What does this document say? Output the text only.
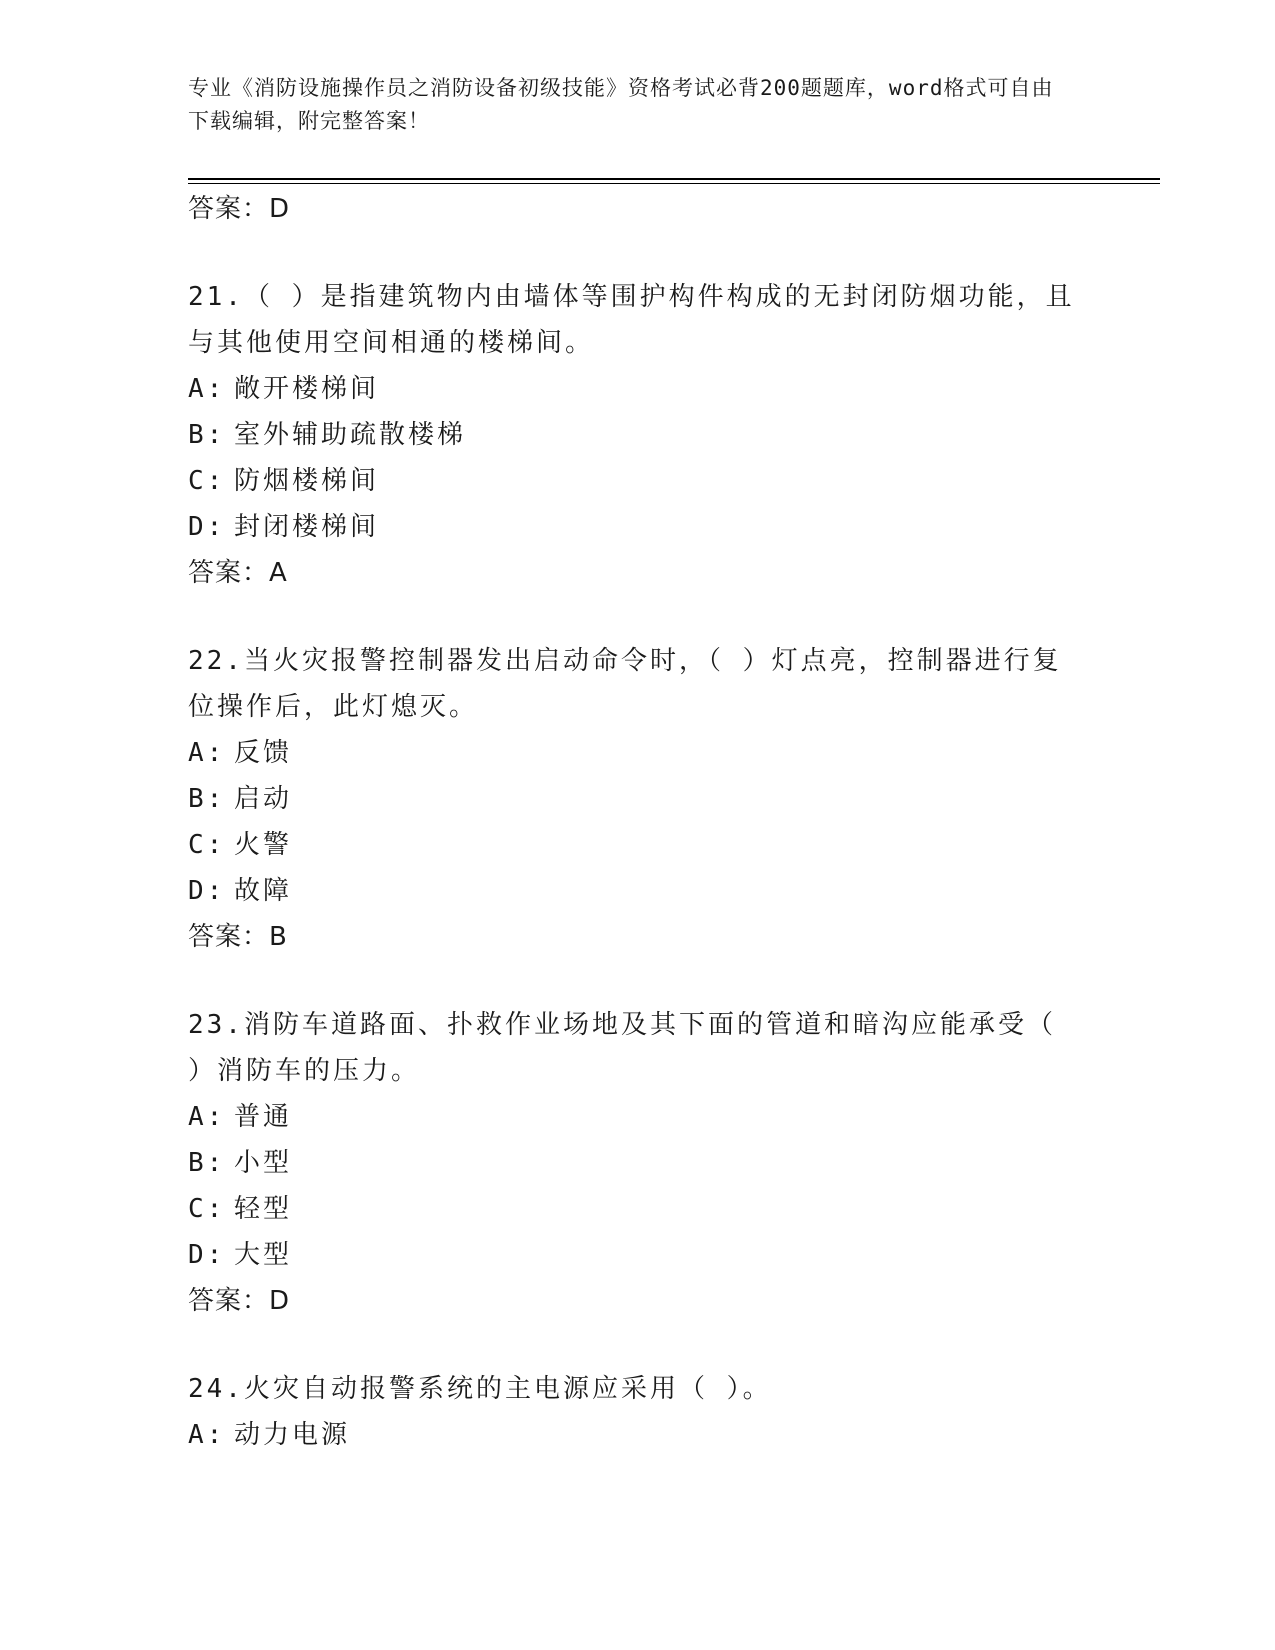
专业《消防设施操作员之消防设备初级技能》资格考试必背200题题库，word格式可自由下载编辑，附完整答案！
答案：D
21.（ ）是指建筑物内由墙体等围护构件构成的无封闭防烟功能，且与其他使用空间相通的楼梯间。
A: 敞开楼梯间
B: 室外辅助疏散楼梯
C: 防烟楼梯间
D: 封闭楼梯间
答案：A
22.当火灾报警控制器发出启动命令时，（ ）灯点亮，控制器进行复位操作后，此灯熄灭。
A: 反馈
B: 启动
C: 火警
D: 故障
答案：B
23.消防车道路面、扑救作业场地及其下面的管道和暗沟应能承受（ ）消防车的压力。
A: 普通
B: 小型
C: 轻型
D: 大型
答案：D
24.火灾自动报警系统的主电源应采用（ ）。
A: 动力电源
